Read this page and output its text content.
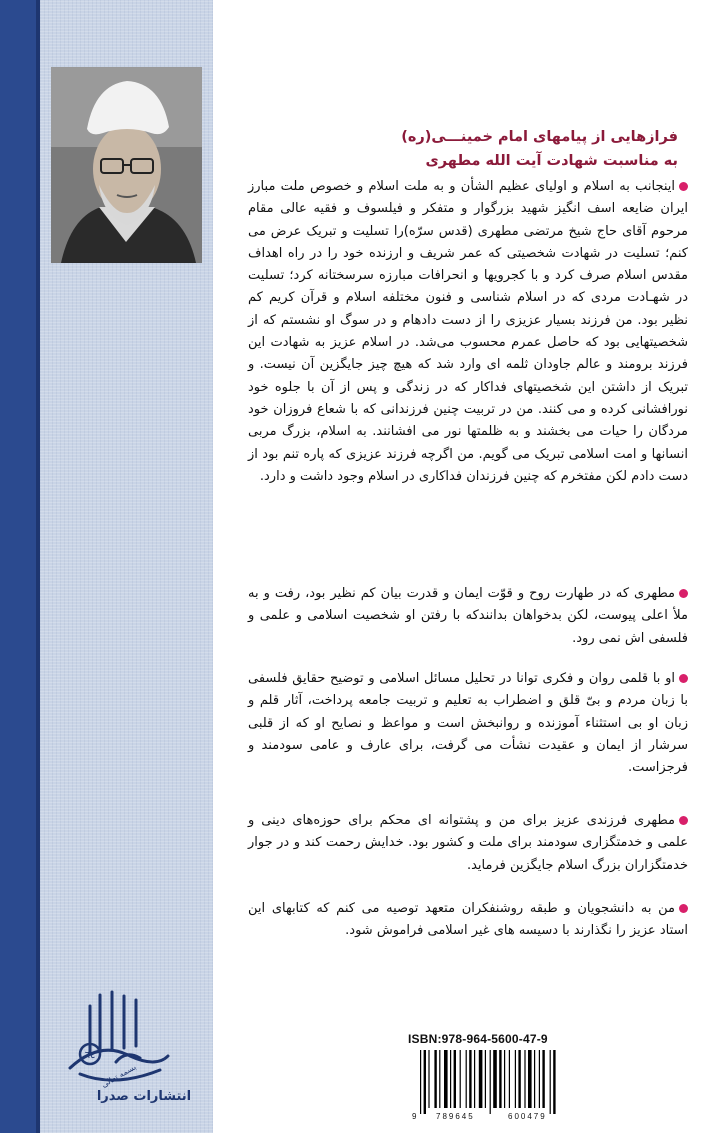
فرازهایی از پیامهای امام خمینـــی(ره)
به مناسبت شهادت آیت الله مطهری
اینجانب به اسلام و اولیای عظیم الشأن و به ملت اسلام و خصوص ملت مبارز ایران ضایعه اسف انگیز شهید بزرگوار و متفکر و فیلسوف و فقیه عالی مقام مرحوم آقای حاج شیخ مرتضی مطهری (قدس سرّه)را تسلیت و تبریک عرض می کنم؛ تسلیت در شهادت شخصیتی که عمر شریف و ارزنده خود را در راه اهداف مقدس اسلام صرف کرد و با کجرویها و انحرافات مبارزه سرسختانه کرد؛ تسلیت در شهـادت مردی که در اسلام شناسی و فنون مختلفه اسلام و قرآن کریم کم نظیر بود. من فرزند بسیار عزیزی را از دست دادهام و در سوگ او نشستم که از شخصیتهایی بود که حاصل عمرم محسوب می‌شد. در اسلام عزیز به شهادت این فرزند برومند و عالم جاودان ثلمه ای وارد شد که هیچ چیز جایگزین آن نیست. و تبریک از داشتن این شخصیتهای فداکار که در زندگی و پس از آن با جلوه خود نورافشانی کرده و می کنند. من در تربیت چنین فرزندانی که با شعاع فروزان خود مردگان را حیات می بخشند و به ظلمتها نور می افشانند. به اسلام، بزرگ مربی انسانها و امت اسلامی تبریک می گویم. من اگرچه فرزند عزیزی که پاره تنم بود از دست دادم لکن مفتخرم که چنین فرزندان فداکاری در اسلام وجود داشت و دارد.
مطهری که در طهارت روح و قوّت ایمان و قدرت بیان کم نظیر بود، رفت و به ملأ اعلی پیوست، لکن بدخواهان بدانندکه با رفتن او شخصیت اسلامی و علمی و فلسفی اش نمی رود.
او با قلمی روان و فکری توانا در تحلیل مسائل اسلامی و توضیح حقایق فلسفی با زبان مردم و بیّ قلق و اضطراب به تعلیم و تربیت جامعه پرداخت، آثار قلم و زبان او بی استثناء آموزنده و روانبخش است و مواعظ و نصایح او که از قلبی سرشار از ایمان و عقیدت نشأت می گرفت، برای عارف و عامی سودمند و فرجزاست.
مطهری فرزندی عزیز برای من و پشتوانه ای محکم برای حوزه‌های دینی و علمی و خدمتگزاری سودمند برای ملت و کشور بود. خدایش رحمت کند و در جوار خدمتگزاران بزرگ اسلام جایگزین فرماید.
من به دانشجویان و طبقه روشنفکران متعهد توصیه می کنم که کتابهای این استاد عزیز را نگذارند با دسیسه های غیر اسلامی فراموش شود.
٦٤
انتشارات صدرا
بسمه تعالی
ISBN:978-964-5600-47-9
9 789645	600479
